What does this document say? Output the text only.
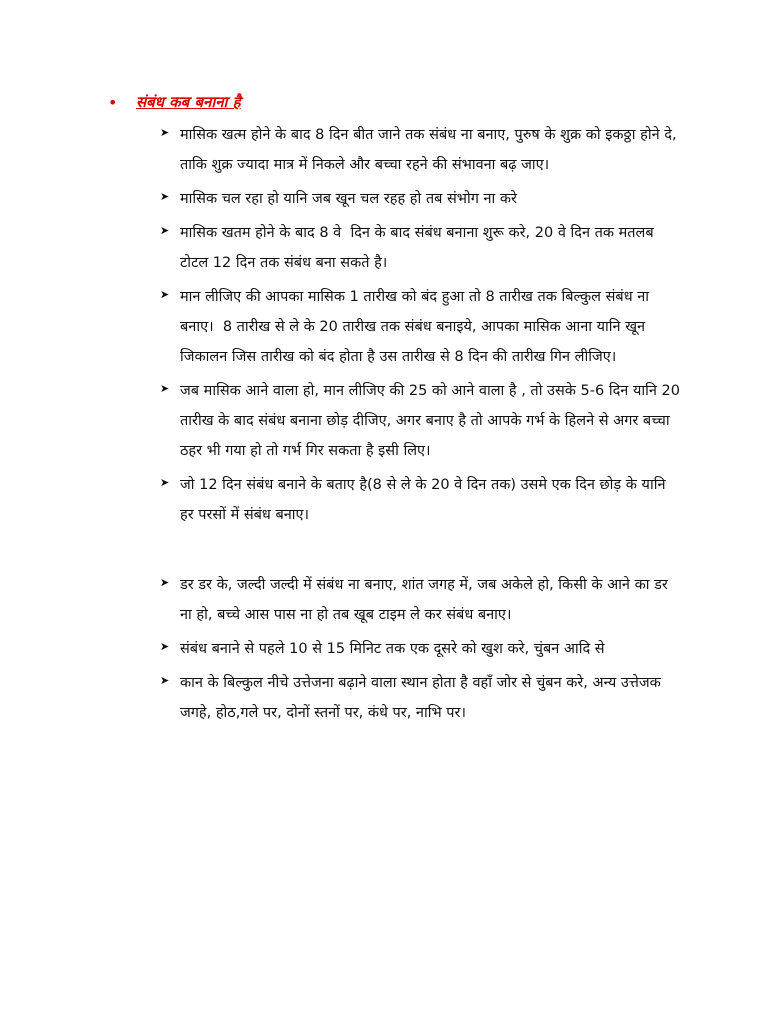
•	संबंध कब बनाना है
➤ मासिक खत्म होने के बाद 8 दिन बीत जाने तक संबंध ना बनाए, पुरुष के शुक्र को इकठ्ठा होने दे, ताकि शुक्र ज्यादा मात्र में निकले और बच्चा रहने की संभावना बढ़ जाए।
➤ मासिक चल रहा हो यानि जब खून चल रहह हो तब संभोग ना करे
➤ मासिक खतम होने के बाद 8 वे  दिन के बाद संबंध बनाना शुरू करे, 20 वे दिन तक मतलब टोटल 12 दिन तक संबंध बना सकते है।
➤ मान लीजिए की आपका मासिक 1 तारीख को बंद हुआ तो 8 तारीख तक बिल्कुल संबंध ना बनाए।  8 तारीख से ले के 20 तारीख तक संबंध बनाइये, आपका मासिक आना यानि खून जिकालन जिस तारीख को बंद होता है उस तारीख से 8 दिन की तारीख गिन लीजिए।
➤ जब मासिक आने वाला हो, मान लीजिए की 25 को आने वाला है , तो उसके 5-6 दिन यानि 20 तारीख के बाद संबंध बनाना छोड़ दीजिए, अगर बनाए है तो आपके गर्भ के हिलने से अगर बच्चा ठहर भी गया हो तो गर्भ गिर सकता है इसी लिए।
➤ जो 12 दिन संबंध बनाने के बताए है(8 से ले के 20 वे दिन तक) उसमे एक दिन छोड़ के यानि हर परसों में संबंध बनाए।
➤ डर डर के, जल्दी जल्दी में संबंध ना बनाए, शांत जगह में, जब अकेले हो, किसी के आने का डर ना हो, बच्चे आस पास ना हो तब खूब टाइम ले कर संबंध बनाए।
➤ संबंध बनाने से पहले 10 से 15 मिनिट तक एक दूसरे को खुश करे, चुंबन आदि से
➤ कान के बिल्कुल नीचे उत्तेजना बढ़ाने वाला स्थान होता है वहाँ जोर से चुंबन करे, अन्य उत्तेजक जगहे, होठ,गले पर, दोनों स्तनों पर, कंधे पर, नाभि पर।
